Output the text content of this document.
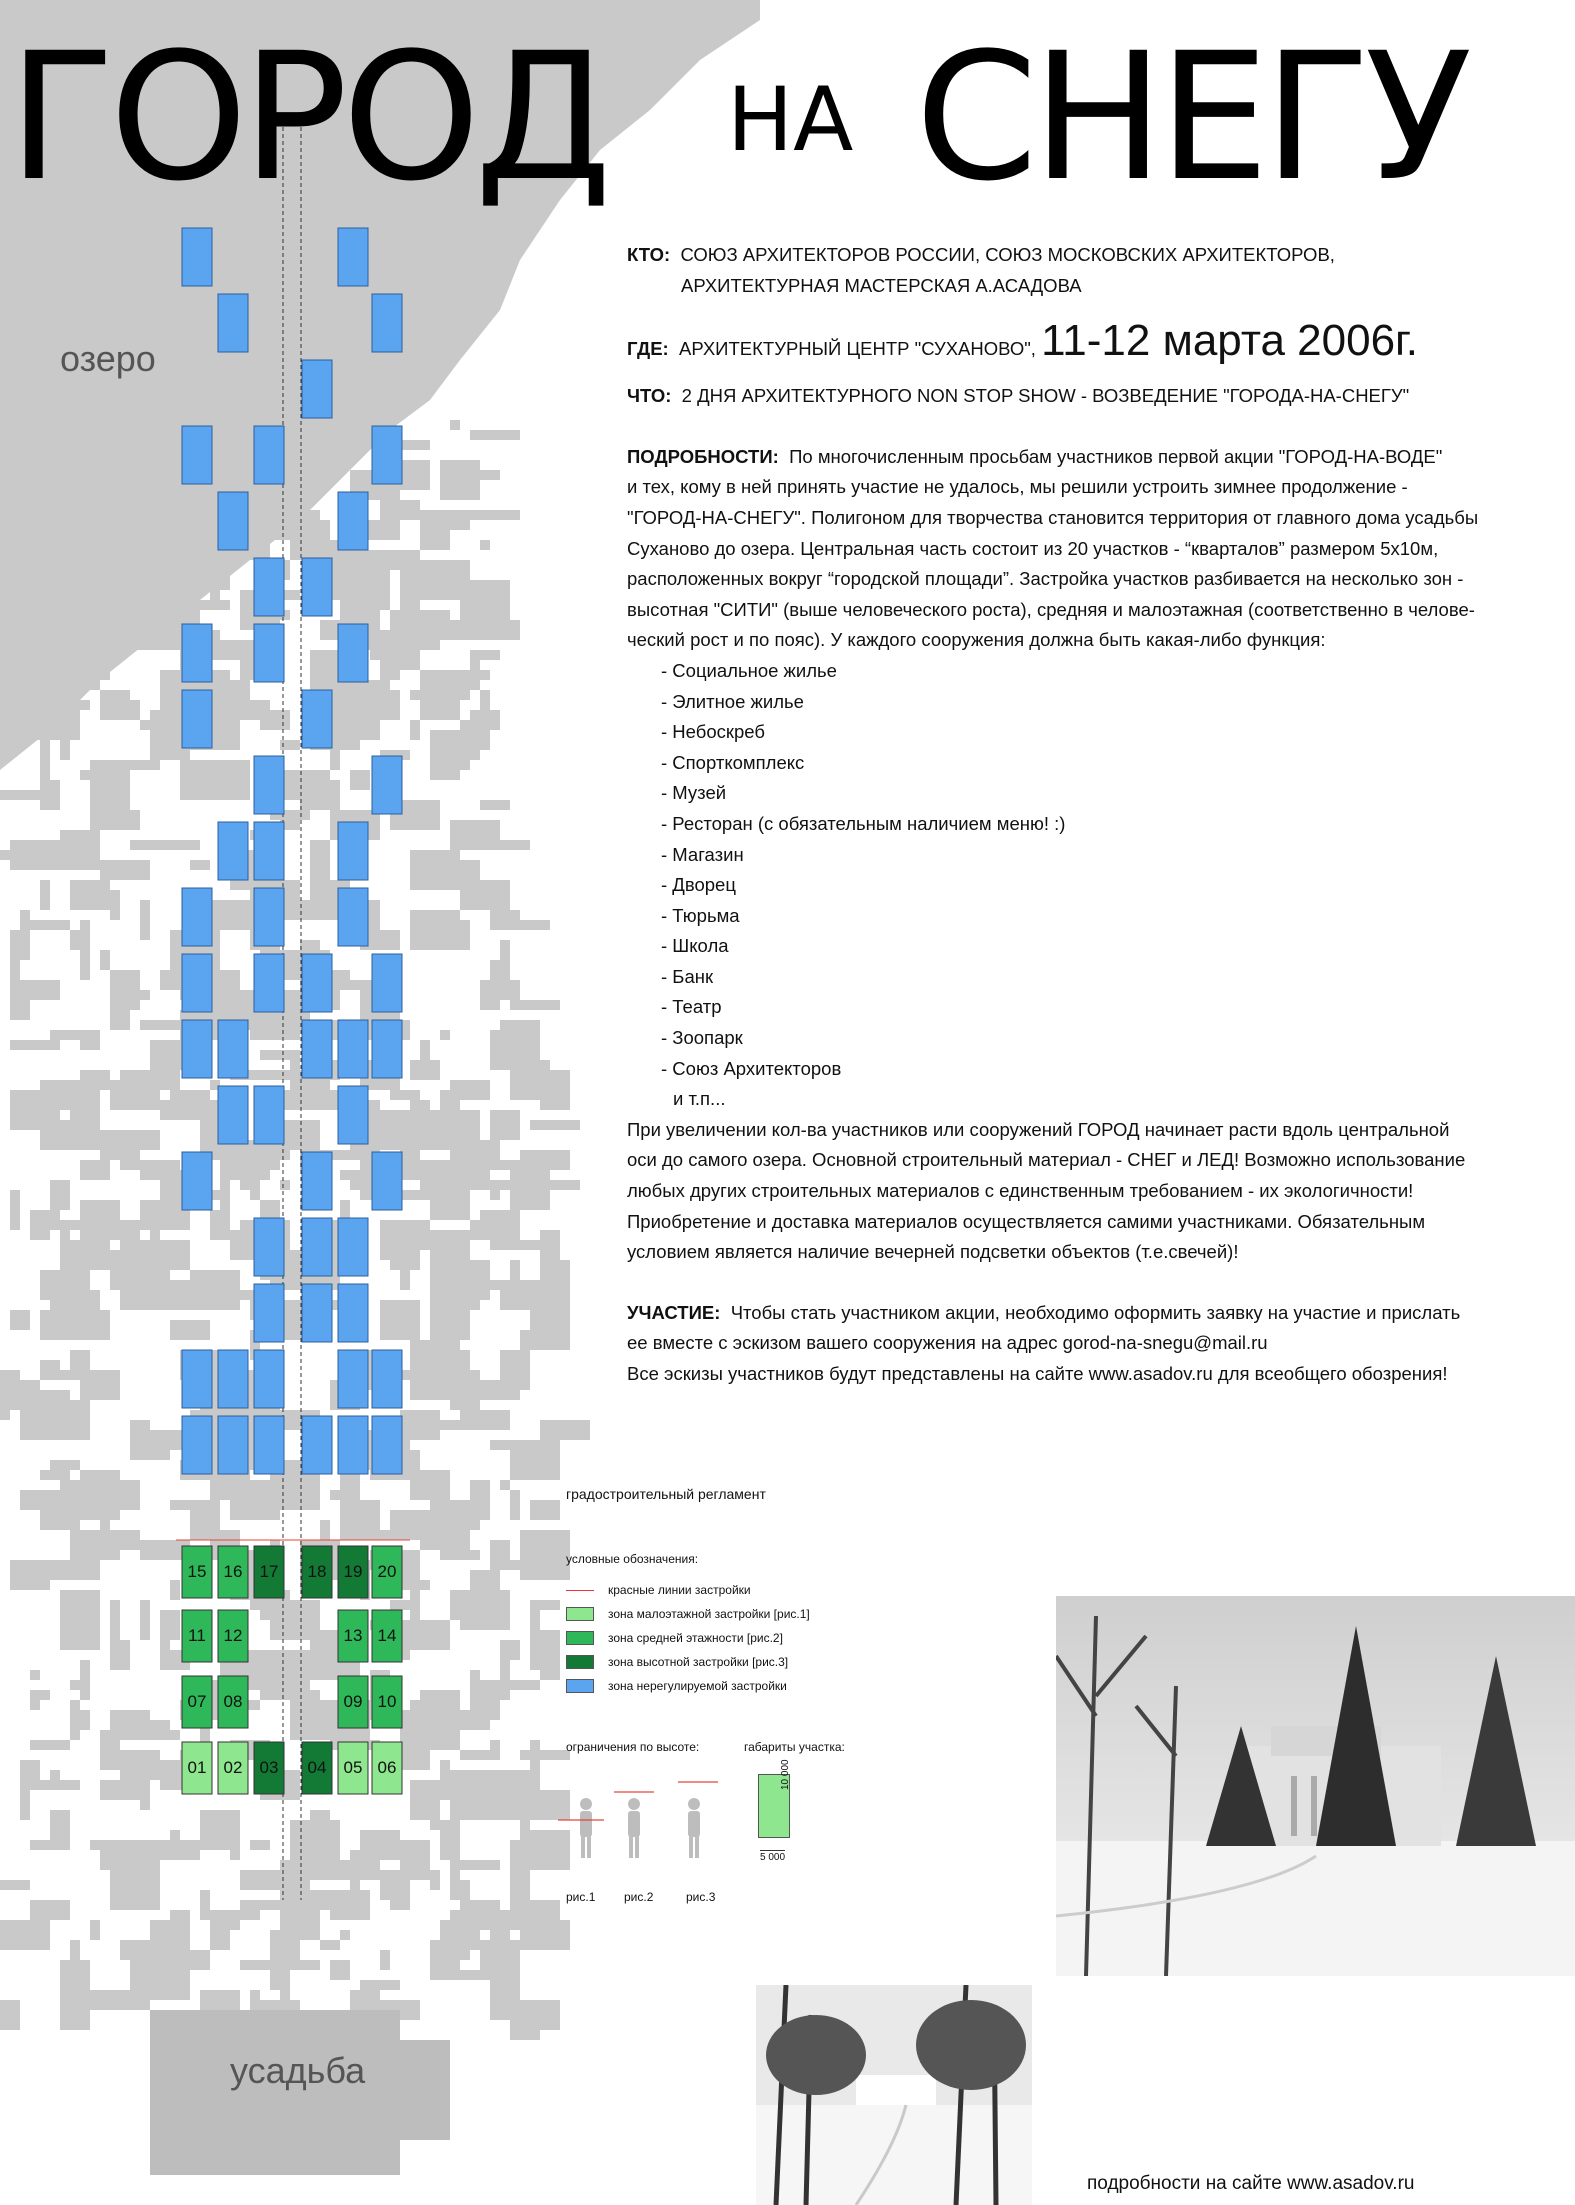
15 16 17 18 19 20
11 12	13 14
07 08	09 10
01 02 03 04 05 06
озеро
усадьба
ГОРОД НА СНЕГУ

КТО: СОЮЗ АРХИТЕКТОРОВ РОССИИ, СОЮЗ МОСКОВСКИХ АРХИТЕКТОРОВ,

АРХИТЕКТУРНАЯ МАСТЕРСКАЯ А.АСАДОВА

ГДЕ: АРХИТЕКТУРНЫЙ ЦЕНТР "СУХАНОВО", 11-12 марта 2006г.

ЧТО: 2 ДНЯ АРХИТЕКТУРНОГО NON STOP SHOW - ВОЗВЕДЕНИЕ "ГОРОДА-НА-СНЕГУ"

ПОДРОБНОСТИ: По многочисленным просьбам участников первой акции "ГОРОД-НА-ВОДЕ"

и тех, кому в ней принять участие не удалось, мы решили устроить зимнее продолжение -

"ГОРОД-НА-СНЕГУ". Полигоном для творчества становится территория от главного дома усадьбы

Суханово до озера. Центральная часть состоит из 20 участков - “кварталов” размером 5х10м,

расположенных вокруг “городской площади”. Застройка участков разбивается на несколько зон -

высотная "СИТИ" (выше человеческого роста), средняя и малоэтажная (соответственно в челове-

ческий рост и по пояс). У каждого сооружения должна быть какая-либо функция:

- Социальное жилье
- Элитное жилье
- Небоскреб
- Спорткомплекс
- Музей
- Ресторан (с обязательным наличием меню! :)
- Магазин
- Дворец
- Тюрьма
- Школа
- Банк
- Театр
- Зоопарк
- Союз Архитекторов
и т.п...

При увеличении кол-ва участников или сооружений ГОРОД начинает расти вдоль центральной

оси до самого озера. Основной строительный материал - СНЕГ и ЛЕД! Возможно использование

любых других строительных материалов с единственным требованием - их экологичности!

Приобретение и доставка материалов осуществляется самими участниками. Обязательным

условием является наличие вечерней подсветки объектов (т.е.свечей)!

УЧАСТИЕ: Чтобы стать участником акции, необходимо оформить заявку на участие и прислать

ее вместе с эскизом вашего сооружения на адрес gorod-na-snegu@mail.ru

Все эскизы участников будут представлены на сайте www.asadov.ru для всеобщего обозрения!

градостроительный регламент
условные обозначения:
красные линии застройки
зона малоэтажной застройки [рис.1]
зона средней этажности [рис.2]
зона высотной застройки [рис.3]
зона нерегулируемой застройки
ограничения по высоте:	габариты участка:
рис.1 рис.2	рис.3
10 000
5 000
подробности на сайте www.asadov.ru
